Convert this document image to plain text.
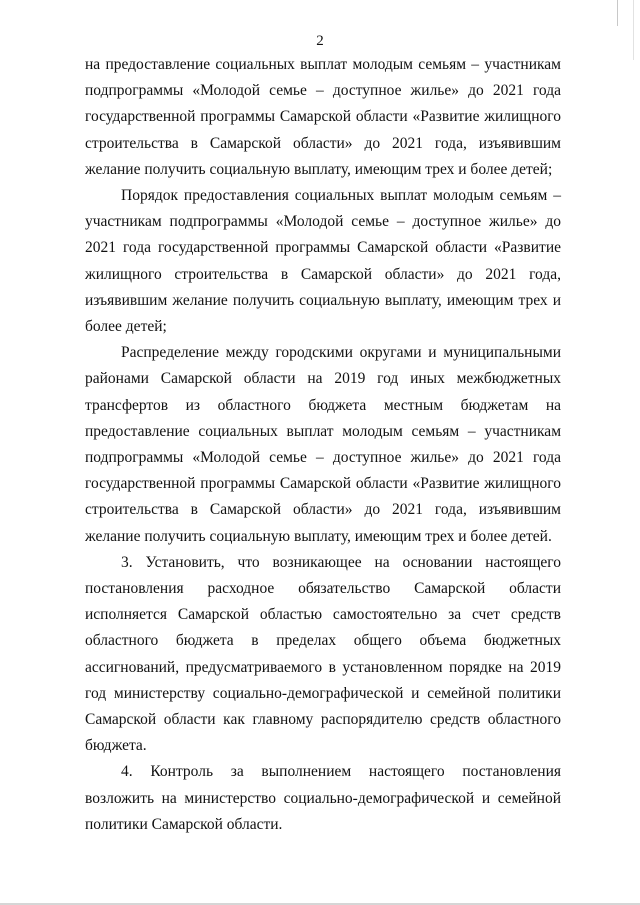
2

на предоставление социальных выплат молодым семьям – участникам подпрограммы «Молодой семье – доступное жилье» до 2021 года государственной программы Самарской области «Развитие жилищного строительства в Самарской области» до 2021 года, изъявившим желание получить социальную выплату, имеющим трех и более детей;

Порядок предоставления социальных выплат молодым семьям – участникам подпрограммы «Молодой семье – доступное жилье» до 2021 года государственной программы Самарской области «Развитие жилищного строительства в Самарской области» до 2021 года, изъявившим желание получить социальную выплату, имеющим трех и более детей;

Распределение между городскими округами и муниципальными районами Самарской области на 2019 год иных межбюджетных трансфертов из областного бюджета местным бюджетам на предоставление социальных выплат молодым семьям – участникам подпрограммы «Молодой семье – доступное жилье» до 2021 года государственной программы Самарской области «Развитие жилищного строительства в Самарской области» до 2021 года, изъявившим желание получить социальную выплату, имеющим трех и более детей.

3. Установить, что возникающее на основании настоящего постановления расходное обязательство Самарской области исполняется Самарской областью самостоятельно за счет средств областного бюджета в пределах общего объема бюджетных ассигнований, предусматриваемого в установленном порядке на 2019 год министерству социально-демографической и семейной политики Самарской области как главному распорядителю средств областного бюджета.

4. Контроль за выполнением настоящего постановления возложить на министерство социально-демографической и семейной политики Самарской области.
